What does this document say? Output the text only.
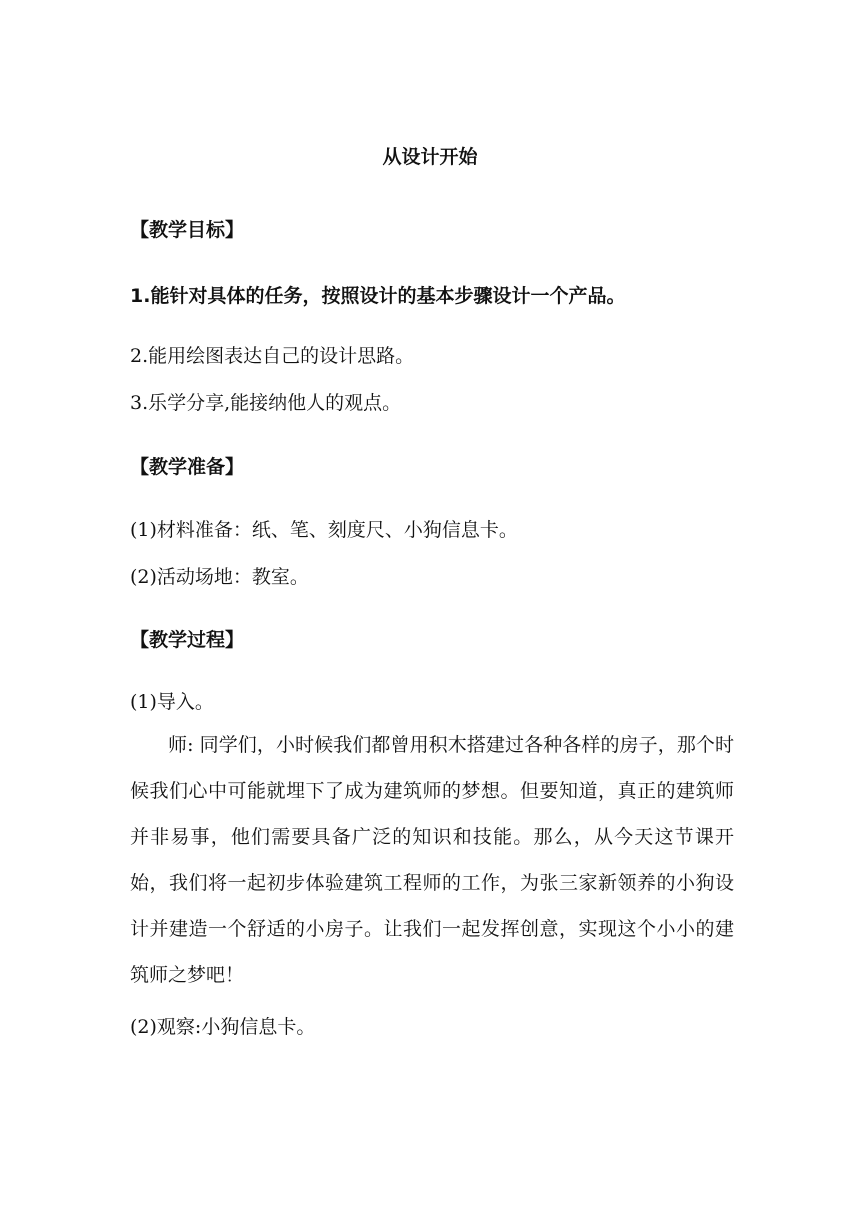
从设计开始
【教学目标】
1.能针对具体的任务，按照设计的基本步骤设计一个产品。
2.能用绘图表达自己的设计思路。
3.乐学分享,能接纳他人的观点。
【教学准备】
(1)材料准备：纸、笔、刻度尺、小狗信息卡。
(2)活动场地：教室。
【教学过程】
(1)导入。
师: 同学们，小时候我们都曾用积木搭建过各种各样的房子，那个时候我们心中可能就埋下了成为建筑师的梦想。但要知道，真正的建筑师并非易事，他们需要具备广泛的知识和技能。那么，从今天这节课开始，我们将一起初步体验建筑工程师的工作，为张三家新领养的小狗设计并建造一个舒适的小房子。让我们一起发挥创意，实现这个小小的建筑师之梦吧！
(2)观察:小狗信息卡。
